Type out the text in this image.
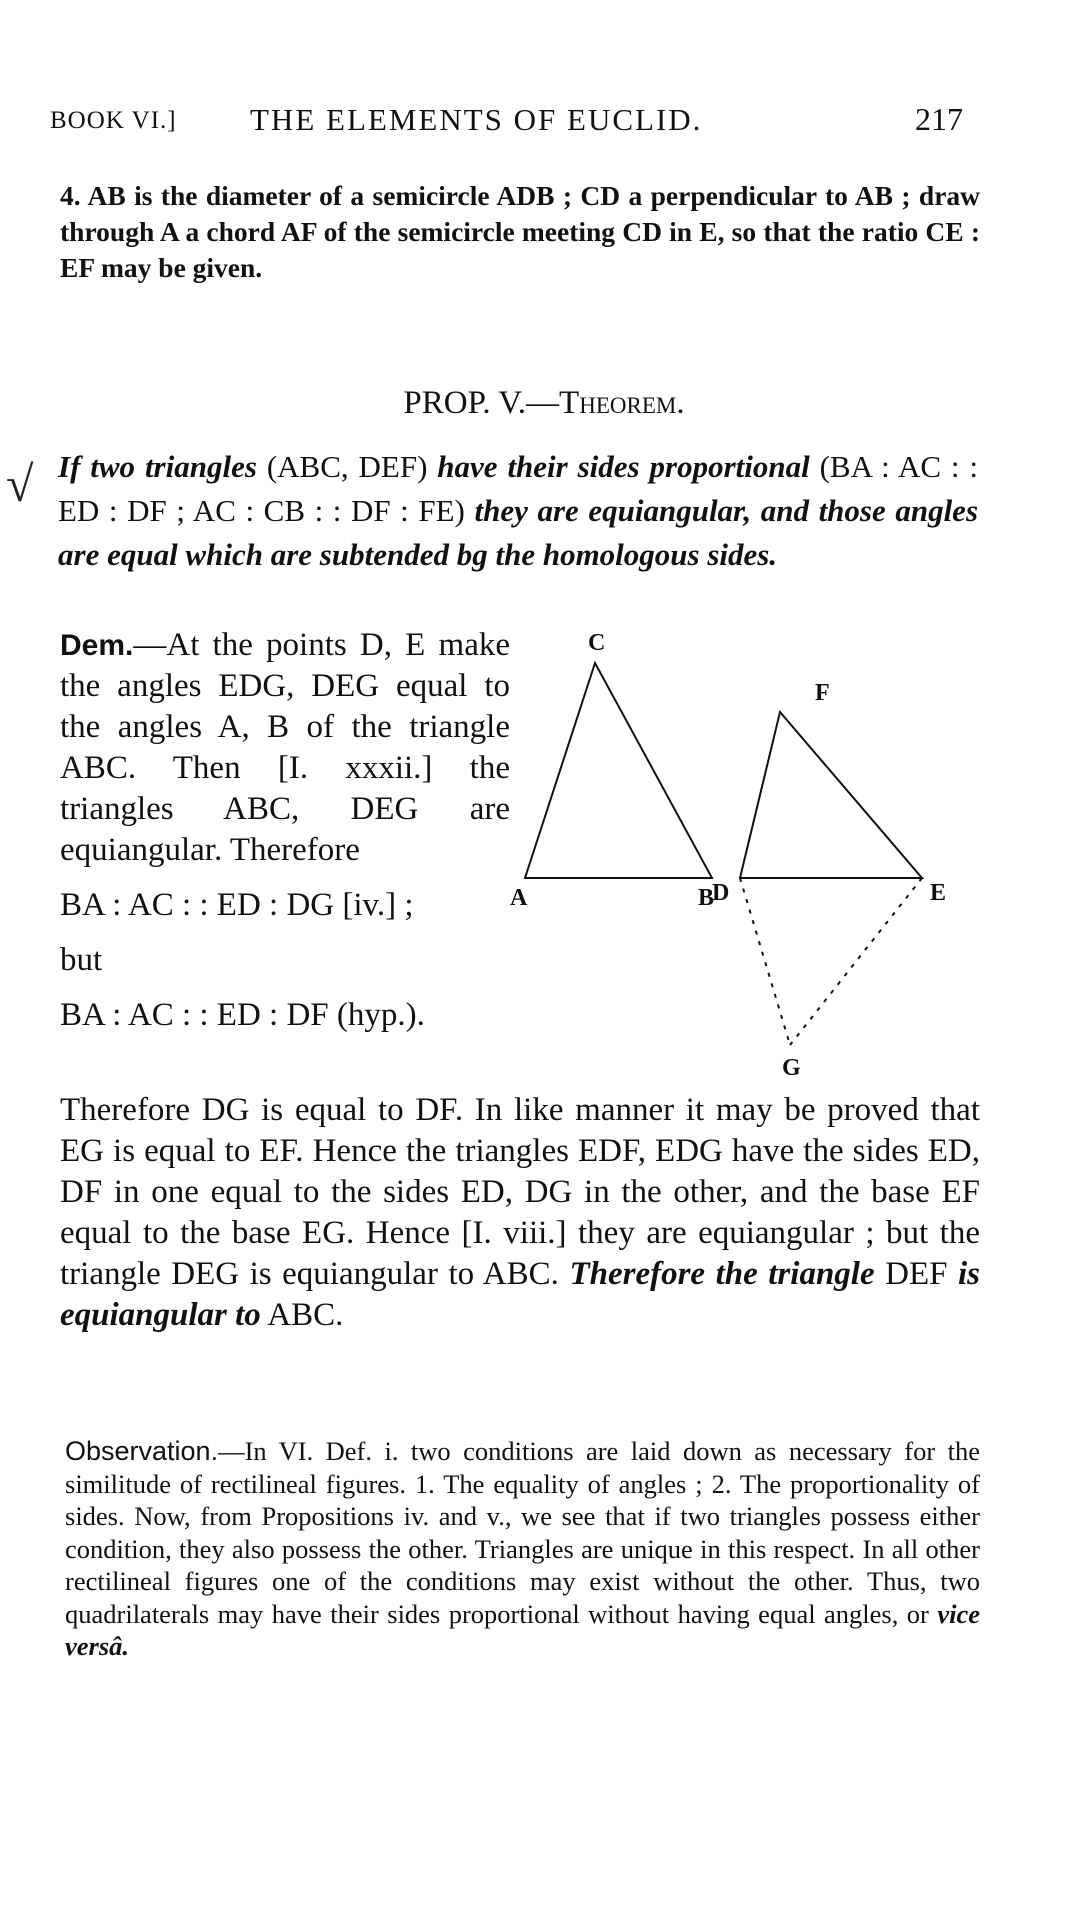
BOOK VI.] THE ELEMENTS OF EUCLID.	217
4. AB is the diameter of a semicircle ADB ; CD a perpendicular to AB ; draw through A a chord AF of the semicircle meeting CD in E, so that the ratio CE : EF may be given.
PROP. V.—Theorem.
√ If two triangles (ABC, DEF) have their sides proportional (BA : AC : : ED : DF ; AC : CB : : DF : FE) they are equiangular, and those angles are equal which are subtended bg the homologous sides.

Dem.—At the points D, E make the angles EDG, DEG equal to the angles A, B of the triangle ABC. Then [I. xxxii.] the triangles ABC, DEG are equiangular. Therefore

BA : AC : : ED : DG [iv.] ;
but
BA : AC : : ED : DF (hyp.).
C
A	B
F
D	E
G
Therefore DG is equal to DF. In like manner it may be proved that EG is equal to EF. Hence the triangles EDF, EDG have the sides ED, DF in one equal to the sides ED, DG in the other, and the base EF equal to the base EG. Hence [I. viii.] they are equiangular ; but the triangle DEG is equiangular to ABC. Therefore the triangle DEF is equiangular to ABC.
Observation.—In VI. Def. i. two conditions are laid down as necessary for the similitude of rectilineal figures. 1. The equality of angles ; 2. The proportionality of sides. Now, from Propositions iv. and v., we see that if two triangles possess either condition, they also possess the other. Triangles are unique in this respect. In all other rectilineal figures one of the conditions may exist without the other. Thus, two quadrilaterals may have their sides proportional without having equal angles, or vice versâ.
